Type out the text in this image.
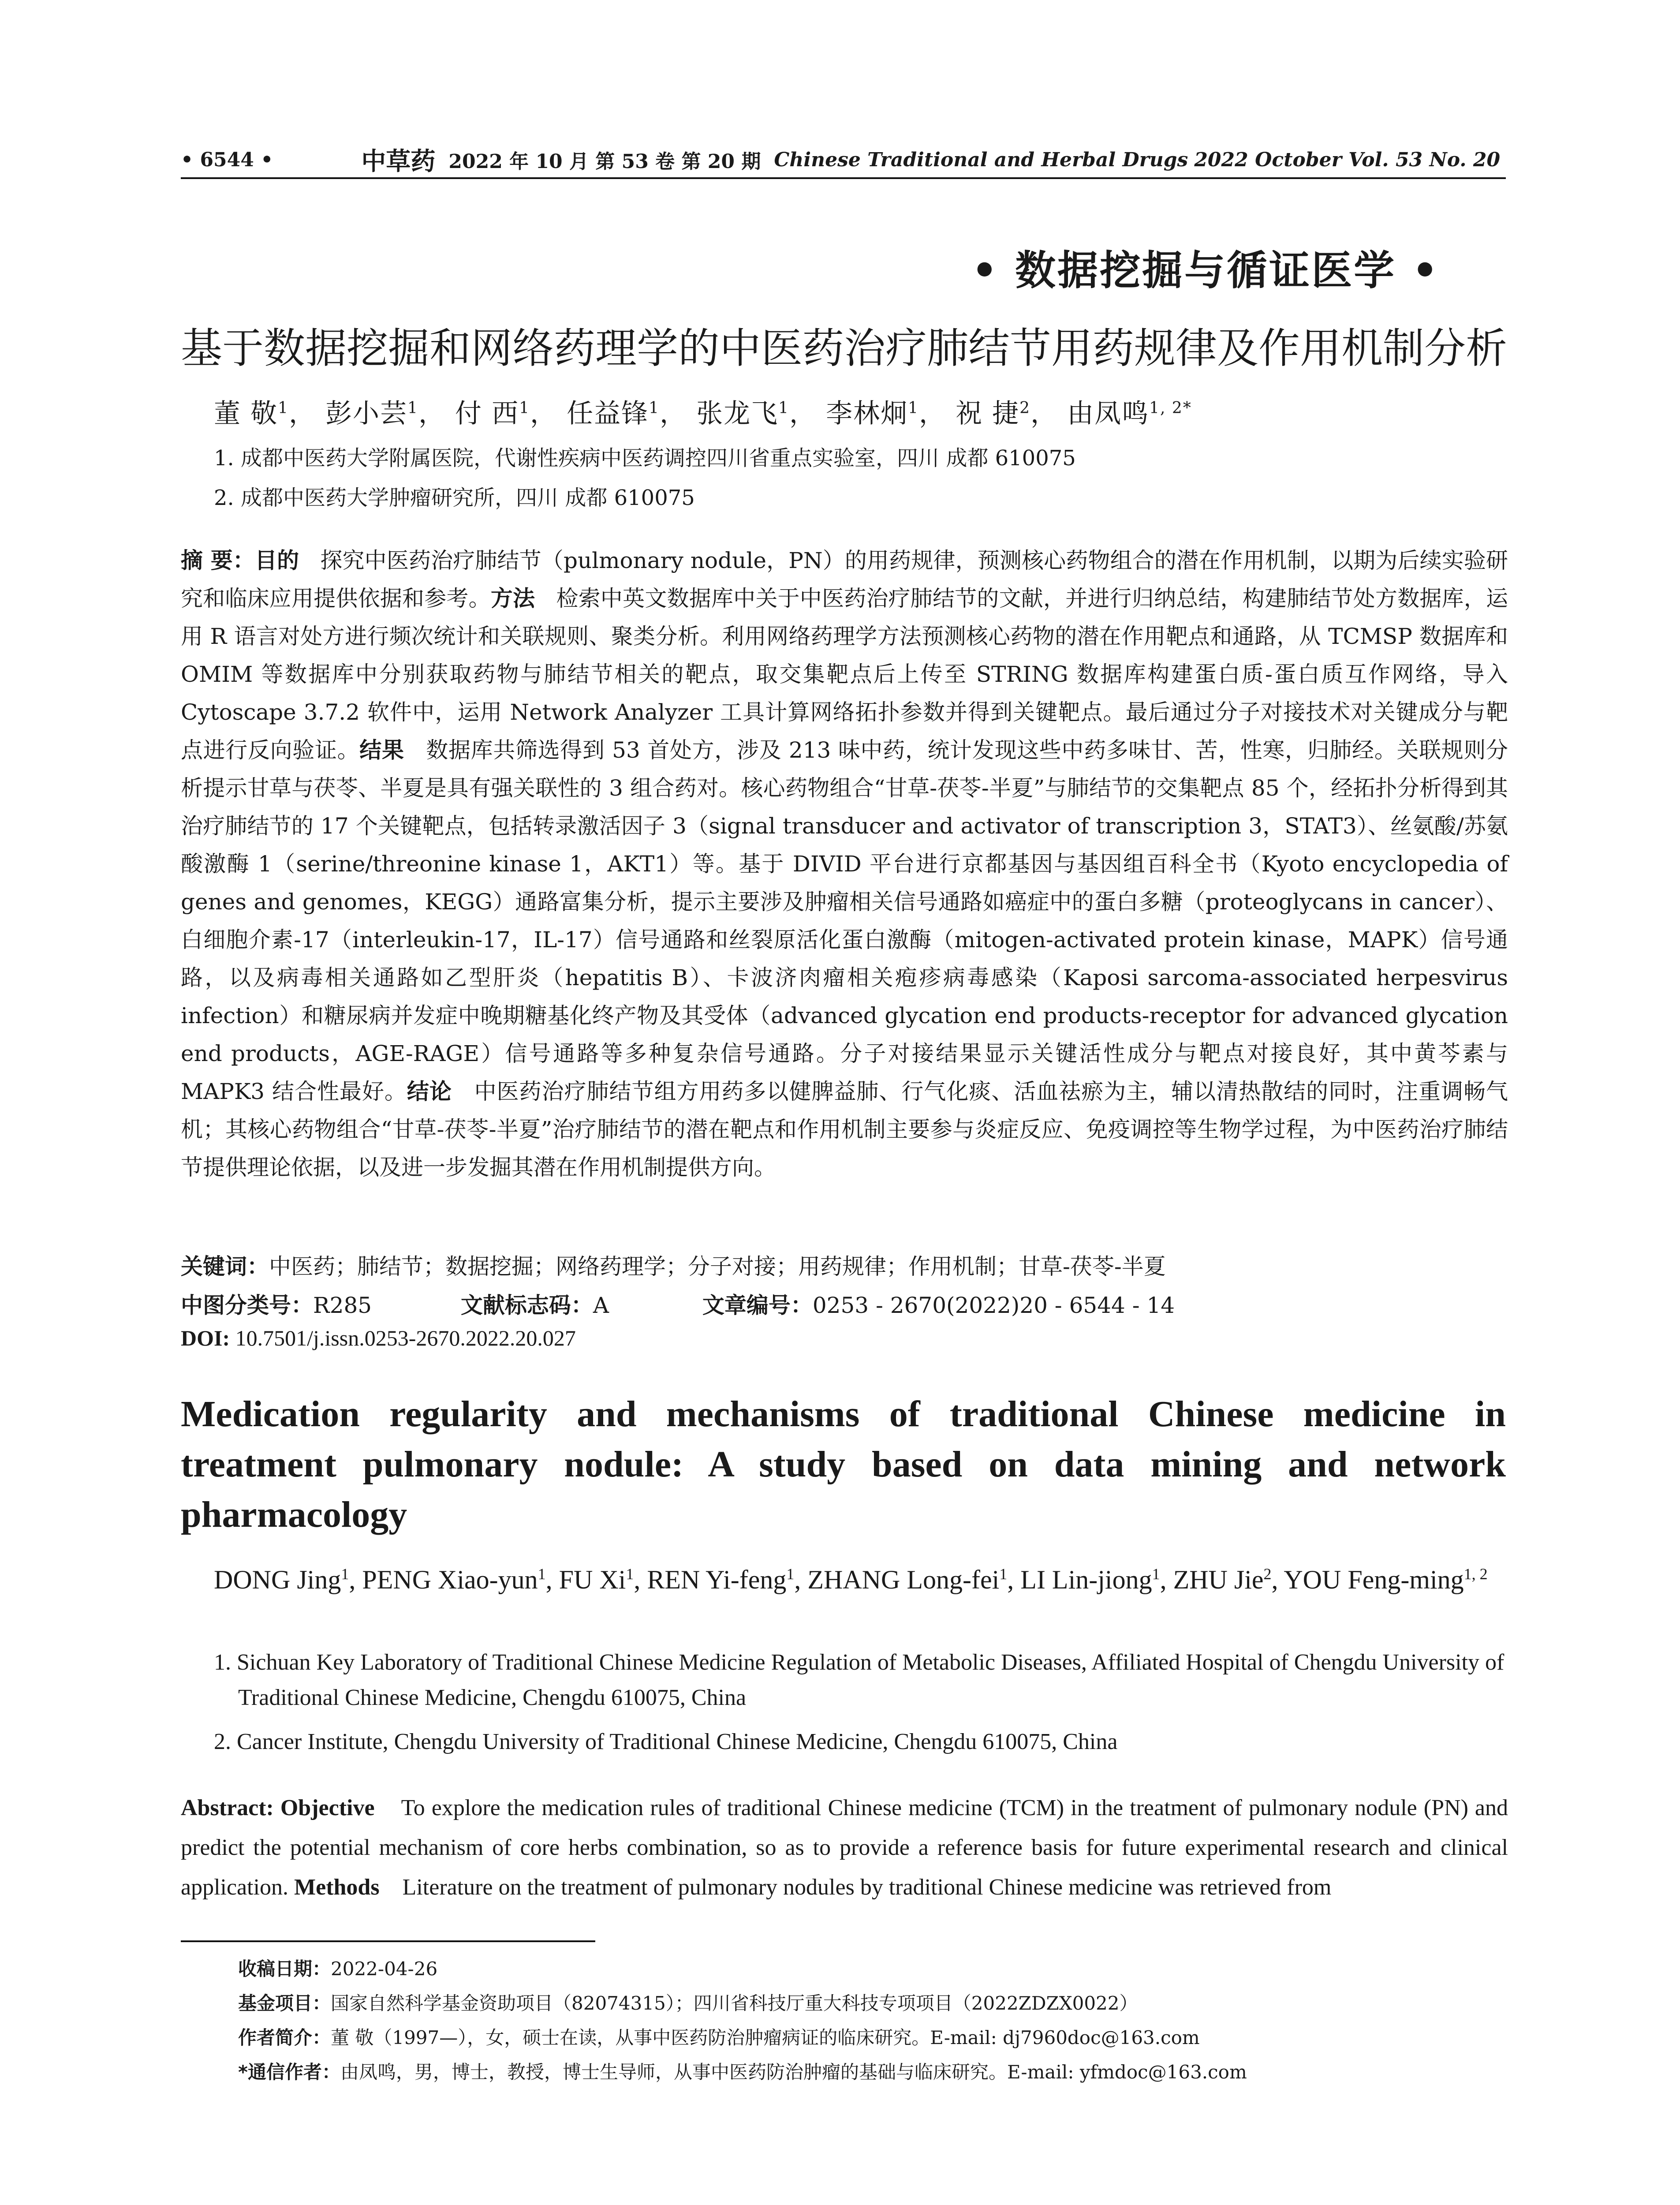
• 6544 •	中草药 2022 年 10 月 第 53 卷 第 20 期 Chinese Traditional and Herbal Drugs 2022 October Vol. 53 No. 20
• 数据挖掘与循证医学 •
基于数据挖掘和网络药理学的中医药治疗肺结节用药规律及作用机制分析
董 敬$^1$， 彭小芸$^1$， 付 西$^1$， 任益锋$^1$， 张龙飞$^1$， 李林炯$^1$， 祝 捷$^2$， 由凤鸣$^{1, 2*}$
1. 成都中医药大学附属医院，代谢性疾病中医药调控四川省重点实验室，四川 成都 610075
2. 成都中医药大学肿瘤研究所，四川 成都 610075
摘 要：目的 探究中医药治疗肺结节（pulmonary nodule，PN）的用药规律，预测核心药物组合的潜在作用机制，以期为后续实验研究和临床应用提供依据和参考。方法 检索中英文数据库中关于中医药治疗肺结节的文献，并进行归纳总结，构建肺结节处方数据库，运用 R 语言对处方进行频次统计和关联规则、聚类分析。利用网络药理学方法预测核心药物的潜在作用靶点和通路，从 TCMSP 数据库和 OMIM 等数据库中分别获取药物与肺结节相关的靶点，取交集靶点后上传至 STRING 数据库构建蛋白质-蛋白质互作网络，导入 Cytoscape 3.7.2 软件中，运用 Network Analyzer 工具计算网络拓扑参数并得到关键靶点。最后通过分子对接技术对关键成分与靶点进行反向验证。结果 数据库共筛选得到 53 首处方，涉及 213 味中药，统计发现这些中药多味甘、苦，性寒，归肺经。关联规则分析提示甘草与茯苓、半夏是具有强关联性的 3 组合药对。核心药物组合“甘草-茯苓-半夏”与肺结节的交集靶点 85 个，经拓扑分析得到其治疗肺结节的 17 个关键靶点，包括转录激活因子 3（signal transducer and activator of transcription 3，STAT3）、丝氨酸/苏氨酸激酶 1（serine/threonine kinase 1，AKT1）等。基于 DIVID 平台进行京都基因与基因组百科全书（Kyoto encyclopedia of genes and genomes，KEGG）通路富集分析，提示主要涉及肿瘤相关信号通路如癌症中的蛋白多糖（proteoglycans in cancer）、白细胞介素-17（interleukin-17，IL-17）信号通路和丝裂原活化蛋白激酶（mitogen-activated protein kinase，MAPK）信号通路，以及病毒相关通路如乙型肝炎（hepatitis B）、卡波济肉瘤相关疱疹病毒感染（Kaposi sarcoma-associated herpesvirus infection）和糖尿病并发症中晚期糖基化终产物及其受体（advanced glycation end products-receptor for advanced glycation end products，AGE-RAGE）信号通路等多种复杂信号通路。分子对接结果显示关键活性成分与靶点对接良好，其中黄芩素与 MAPK3 结合性最好。结论 中医药治疗肺结节组方用药多以健脾益肺、行气化痰、活血祛瘀为主，辅以清热散结的同时，注重调畅气机；其核心药物组合“甘草-茯苓-半夏”治疗肺结节的潜在靶点和作用机制主要参与炎症反应、免疫调控等生物学过程，为中医药治疗肺结节提供理论依据，以及进一步发掘其潜在作用机制提供方向。
关键词：中医药；肺结节；数据挖掘；网络药理学；分子对接；用药规律；作用机制；甘草-茯苓-半夏
中图分类号：R285	文献标志码：A	文章编号：0253 - 2670(2022)20 - 6544 - 14
DOI: 10.7501/j.issn.0253-2670.2022.20.027
Medication regularity and mechanisms of traditional Chinese medicine in treatment pulmonary nodule: A study based on data mining and network pharmacology
DONG Jing$^1$, PENG Xiao-yun$^1$, FU Xi$^1$, REN Yi-feng$^1$, ZHANG Long-fei$^1$, LI Lin-jiong$^1$, ZHU Jie$^2$, YOU Feng-ming$^{1, 2}$
1. Sichuan Key Laboratory of Traditional Chinese Medicine Regulation of Metabolic Diseases, Affiliated Hospital of Chengdu University of Traditional Chinese Medicine, Chengdu 610075, China
2. Cancer Institute, Chengdu University of Traditional Chinese Medicine, Chengdu 610075, China
Abstract: Objective To explore the medication rules of traditional Chinese medicine (TCM) in the treatment of pulmonary nodule (PN) and predict the potential mechanism of core herbs combination, so as to provide a reference basis for future experimental research and clinical application. Methods Literature on the treatment of pulmonary nodules by traditional Chinese medicine was retrieved from
收稿日期：2022-04-26
基金项目：国家自然科学基金资助项目（82074315）；四川省科技厅重大科技专项项目（2022ZDZX0022）
作者简介：董 敬（1997—），女，硕士在读，从事中医药防治肿瘤病证的临床研究。E-mail: dj7960doc@163.com
*通信作者：由凤鸣，男，博士，教授，博士生导师，从事中医药防治肿瘤的基础与临床研究。E-mail: yfmdoc@163.com
